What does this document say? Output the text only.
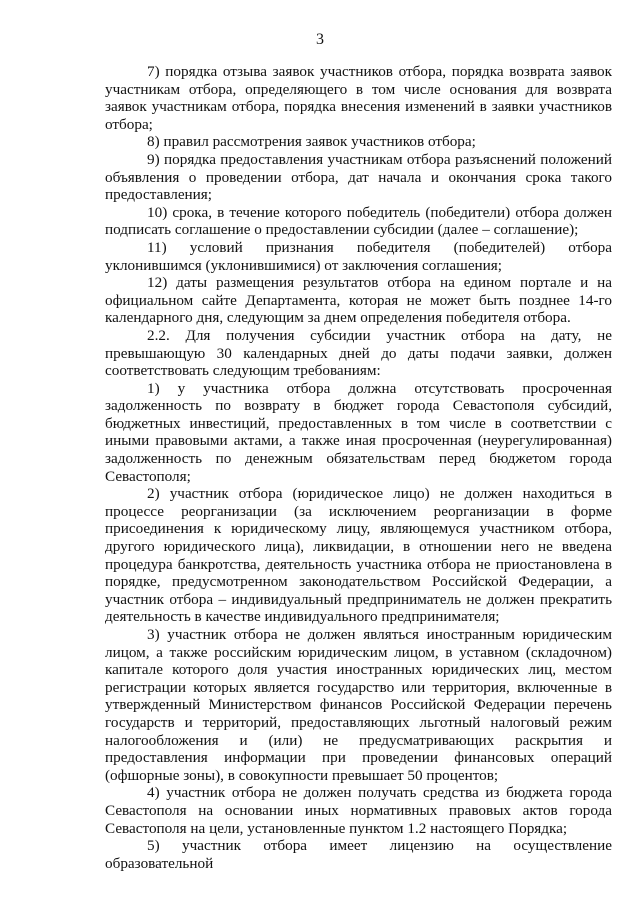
3

7) порядка отзыва заявок участников отбора, порядка возврата заявок участникам отбора, определяющего в том числе основания для возврата заявок участникам отбора, порядка внесения изменений в заявки участников отбора;

8) правил рассмотрения заявок участников отбора;

9) порядка предоставления участникам отбора разъяснений положений объявления о проведении отбора, дат начала и окончания срока такого предоставления;

10) срока, в течение которого победитель (победители) отбора должен подписать соглашение о предоставлении субсидии (далее – соглашение);

11) условий признания победителя (победителей) отбора уклонившимся (уклонившимися) от заключения соглашения;

12) даты размещения результатов отбора на едином портале и на официальном сайте Департамента, которая не может быть позднее 14-го календарного дня, следующим за днем определения победителя отбора.

2.2. Для получения субсидии участник отбора на дату, не превышающую 30 календарных дней до даты подачи заявки, должен соответствовать следующим требованиям:

1) у участника отбора должна отсутствовать просроченная задолженность по возврату в бюджет города Севастополя субсидий, бюджетных инвестиций, предоставленных в том числе в соответствии с иными правовыми актами, а также иная просроченная (неурегулированная) задолженность по денежным обязательствам перед бюджетом города Севастополя;

2) участник отбора (юридическое лицо) не должен находиться в процессе реорганизации (за исключением реорганизации в форме присоединения к юридическому лицу, являющемуся участником отбора, другого юридического лица), ликвидации, в отношении него не введена процедура банкротства, деятельность участника отбора не приостановлена в порядке, предусмотренном законодательством Российской Федерации, а участник отбора – индивидуальный предприниматель не должен прекратить деятельность в качестве индивидуального предпринимателя;

3) участник отбора не должен являться иностранным юридическим лицом, а также российским юридическим лицом, в уставном (складочном) капитале которого доля участия иностранных юридических лиц, местом регистрации которых является государство или территория, включенные в утвержденный Министерством финансов Российской Федерации перечень государств и территорий, предоставляющих льготный налоговый режим налогообложения и (или) не предусматривающих раскрытия и предоставления информации при проведении финансовых операций (офшорные зоны), в совокупности превышает 50 процентов;

4) участник отбора не должен получать средства из бюджета города Севастополя на основании иных нормативных правовых актов города Севастополя на цели, установленные пунктом 1.2 настоящего Порядка;

5) участник отбора имеет лицензию на осуществление образовательной
